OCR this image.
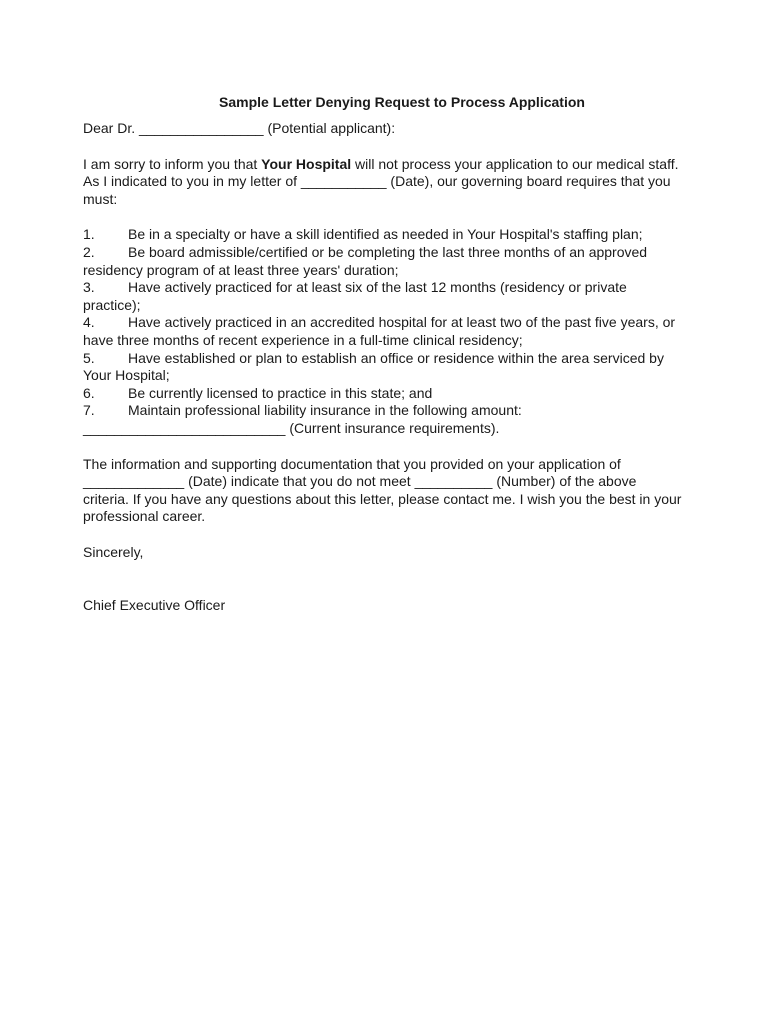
Sample Letter Denying Request to Process Application

Dear Dr. ________________ (Potential applicant):

I am sorry to inform you that Your Hospital will not process your application to our medical staff. As I indicated to you in my letter of ___________ (Date), our governing board requires that you must:

1. Be in a specialty or have a skill identified as needed in Your Hospital's staffing plan;
2. Be board admissible/certified or be completing the last three months of an approved residency program of at least three years' duration;
3. Have actively practiced for at least six of the last 12 months (residency or private practice);
4. Have actively practiced in an accredited hospital for at least two of the past five years, or have three months of recent experience in a full-time clinical residency;
5. Have established or plan to establish an office or residence within the area serviced by Your Hospital;
6. Be currently licensed to practice in this state; and
7. Maintain professional liability insurance in the following amount: __________________________ (Current insurance requirements).

The information and supporting documentation that you provided on your application of _____________ (Date) indicate that you do not meet __________ (Number) of the above criteria. If you have any questions about this letter, please contact me. I wish you the best in your professional career.

Sincerely,

Chief Executive Officer
